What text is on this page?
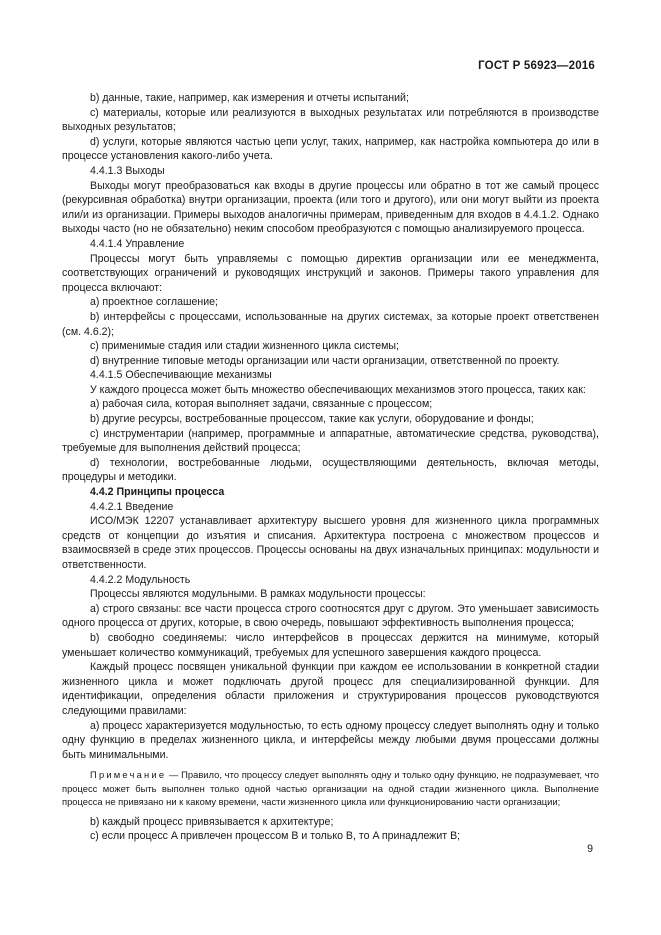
ГОСТ Р 56923—2016

b) данные, такие, например, как измерения и отчеты испытаний;

c) материалы, которые или реализуются в выходных результатах или потребляются в производстве выходных результатов;

d) услуги, которые являются частью цепи услуг, таких, например, как настройка компьютера до или в процессе установления какого-либо учета.

4.4.1.3 Выходы

Выходы могут преобразоваться как входы в другие процессы или обратно в тот же самый процесс (рекурсивная обработка) внутри организации, проекта (или того и другого), или они могут выйти из проекта или/и из организации. Примеры выходов аналогичны примерам, приведенным для входов в 4.4.1.2. Однако выходы часто (но не обязательно) неким способом преобразуются с помощью анализируемого процесса.

4.4.1.4 Управление

Процессы могут быть управляемы с помощью директив организации или ее менеджмента, соответствующих ограничений и руководящих инструкций и законов. Примеры такого управления для процесса включают:

a) проектное соглашение;

b) интерфейсы с процессами, использованные на других системах, за которые проект ответственен (см. 4.6.2);

c) применимые стадия или стадии жизненного цикла системы;

d) внутренние типовые методы организации или части организации, ответственной по проекту.

4.4.1.5 Обеспечивающие механизмы

У каждого процесса может быть множество обеспечивающих механизмов этого процесса, таких как:

a) рабочая сила, которая выполняет задачи, связанные с процессом;

b) другие ресурсы, востребованные процессом, такие как услуги, оборудование и фонды;

c) инструментарии (например, программные и аппаратные, автоматические средства, руководства), требуемые для выполнения действий процесса;

d) технологии, востребованные людьми, осуществляющими деятельность, включая методы, процедуры и методики.

4.4.2 Принципы процесса

4.4.2.1 Введение

ИСО/МЭК 12207 устанавливает архитектуру высшего уровня для жизненного цикла программных средств от концепции до изъятия и списания. Архитектура построена с множеством процессов и взаимосвязей в среде этих процессов. Процессы основаны на двух изначальных принципах: модульности и ответственности.

4.4.2.2 Модульность

Процессы являются модульными. В рамках модульности процессы:

a) строго связаны: все части процесса строго соотносятся друг с другом. Это уменьшает зависимость одного процесса от других, которые, в свою очередь, повышают эффективность выполнения процесса;

b) свободно соединяемы: число интерфейсов в процессах держится на минимуме, который уменьшает количество коммуникаций, требуемых для успешного завершения каждого процесса.

Каждый процесс посвящен уникальной функции при каждом ее использовании в конкретной стадии жизненного цикла и может подключать другой процесс для специализированной функции. Для идентификации, определения области приложения и структурирования процессов руководствуются следующими правилами:

a) процесс характеризуется модульностью, то есть одному процессу следует выполнять одну и только одну функцию в пределах жизненного цикла, и интерфейсы между любыми двумя процессами должны быть минимальными.

Примечание — Правило, что процессу следует выполнять одну и только одну функцию, не подразумевает, что процесс может быть выполнен только одной частью организации на одной стадии жизненного цикла. Выполнение процесса не привязано ни к какому времени, части жизненного цикла или функционированию части организации;

b) каждый процесс привязывается к архитектуре;

c) если процесс A привлечен процессом B и только B, то A принадлежит B;

9
